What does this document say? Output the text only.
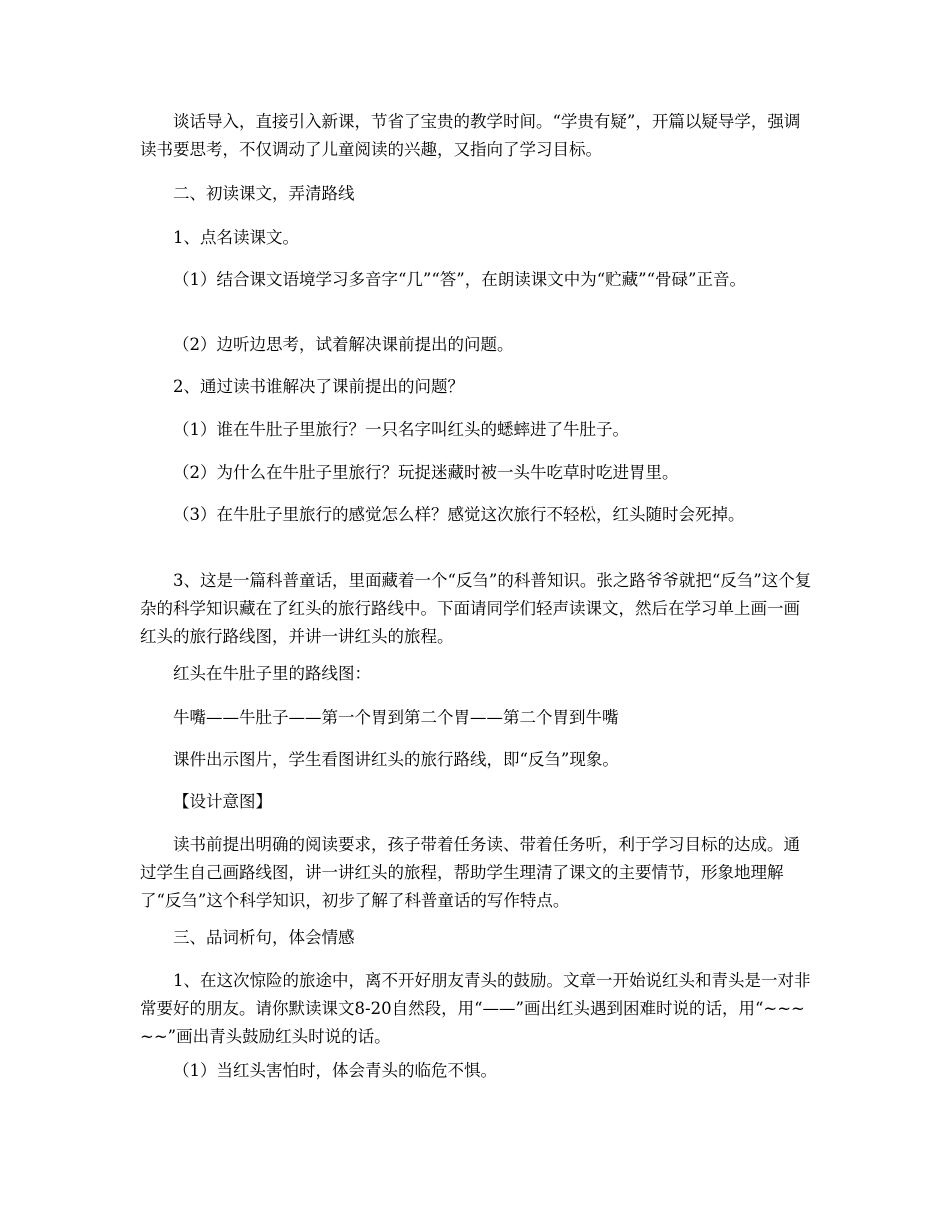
谈话导入，直接引入新课，节省了宝贵的教学时间。“学贵有疑”，开篇以疑导学，强调读书要思考，不仅调动了儿童阅读的兴趣，又指向了学习目标。

二、初读课文，弄清路线

1、点名读课文。

（1）结合课文语境学习多音字“几”“答”，在朗读课文中为“贮藏”“骨碌”正音。

（2）边听边思考，试着解决课前提出的问题。

2、通过读书谁解决了课前提出的问题？

（1）谁在牛肚子里旅行？一只名字叫红头的蟋蟀进了牛肚子。

（2）为什么在牛肚子里旅行？玩捉迷藏时被一头牛吃草时吃进胃里。

（3）在牛肚子里旅行的感觉怎么样？感觉这次旅行不轻松，红头随时会死掉。

3、这是一篇科普童话，里面藏着一个“反刍”的科普知识。张之路爷爷就把“反刍”这个复杂的科学知识藏在了红头的旅行路线中。下面请同学们轻声读课文，然后在学习单上画一画红头的旅行路线图，并讲一讲红头的旅程。

红头在牛肚子里的路线图：

牛嘴——牛肚子——第一个胃到第二个胃——第二个胃到牛嘴

课件出示图片，学生看图讲红头的旅行路线，即“反刍”现象。

【设计意图】

读书前提出明确的阅读要求，孩子带着任务读、带着任务听，利于学习目标的达成。通过学生自己画路线图，讲一讲红头的旅程，帮助学生理清了课文的主要情节，形象地理解了“反刍”这个科学知识，初步了解了科普童话的写作特点。

三、品词析句，体会情感

1、在这次惊险的旅途中，离不开好朋友青头的鼓励。文章一开始说红头和青头是一对非常要好的朋友。请你默读课文8-20自然段，用“——”画出红头遇到困难时说的话，用“~~~~~”画出青头鼓励红头时说的话。

（1）当红头害怕时，体会青头的临危不惧。
